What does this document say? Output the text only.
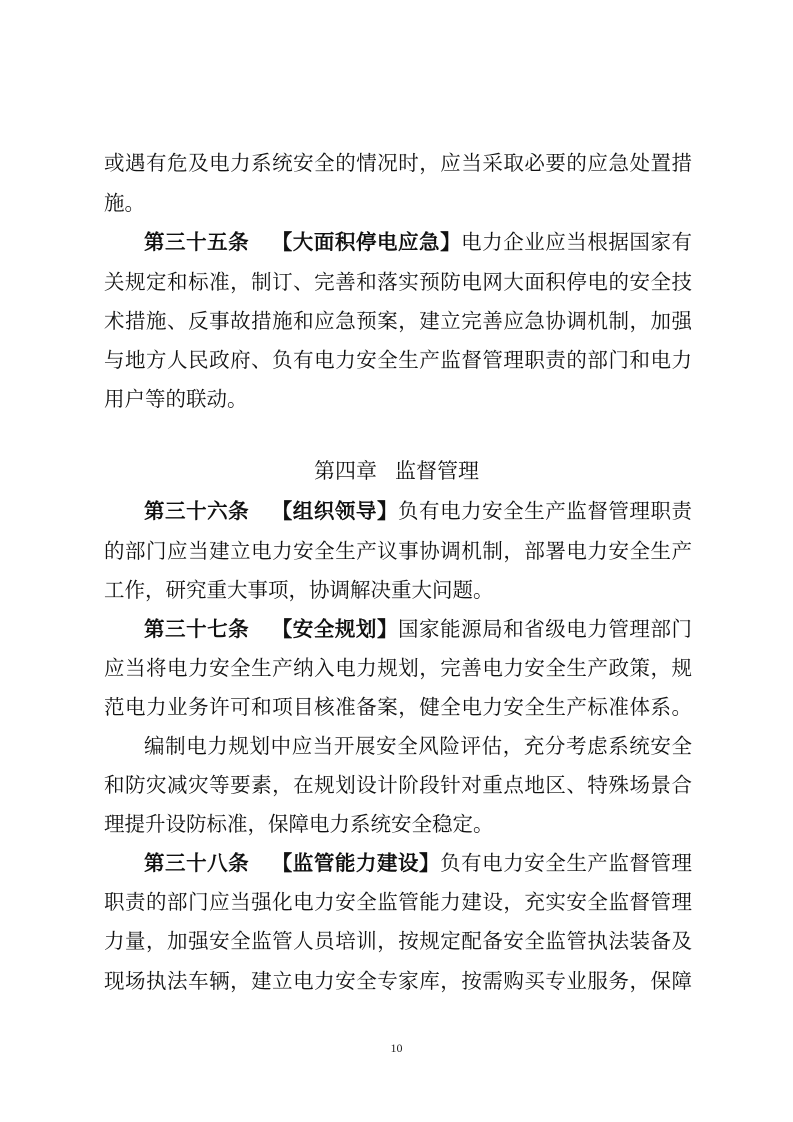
或遇有危及电力系统安全的情况时，应当采取必要的应急处置措
施。
第三十五条 【大面积停电应急】电力企业应当根据国家有
关规定和标准，制订、完善和落实预防电网大面积停电的安全技
术措施、反事故措施和应急预案，建立完善应急协调机制，加强
与地方人民政府、负有电力安全生产监督管理职责的部门和电力
用户等的联动。
第四章 监督管理
第三十六条 【组织领导】负有电力安全生产监督管理职责
的部门应当建立电力安全生产议事协调机制，部署电力安全生产
工作，研究重大事项，协调解决重大问题。
第三十七条 【安全规划】国家能源局和省级电力管理部门
应当将电力安全生产纳入电力规划，完善电力安全生产政策，规
范电力业务许可和项目核准备案，健全电力安全生产标准体系。
编制电力规划中应当开展安全风险评估，充分考虑系统安全
和防灾减灾等要素，在规划设计阶段针对重点地区、特殊场景合
理提升设防标准，保障电力系统安全稳定。
第三十八条 【监管能力建设】负有电力安全生产监督管理
职责的部门应当强化电力安全监管能力建设，充实安全监督管理
力量，加强安全监管人员培训，按规定配备安全监管执法装备及
现场执法车辆，建立电力安全专家库，按需购买专业服务，保障
10
